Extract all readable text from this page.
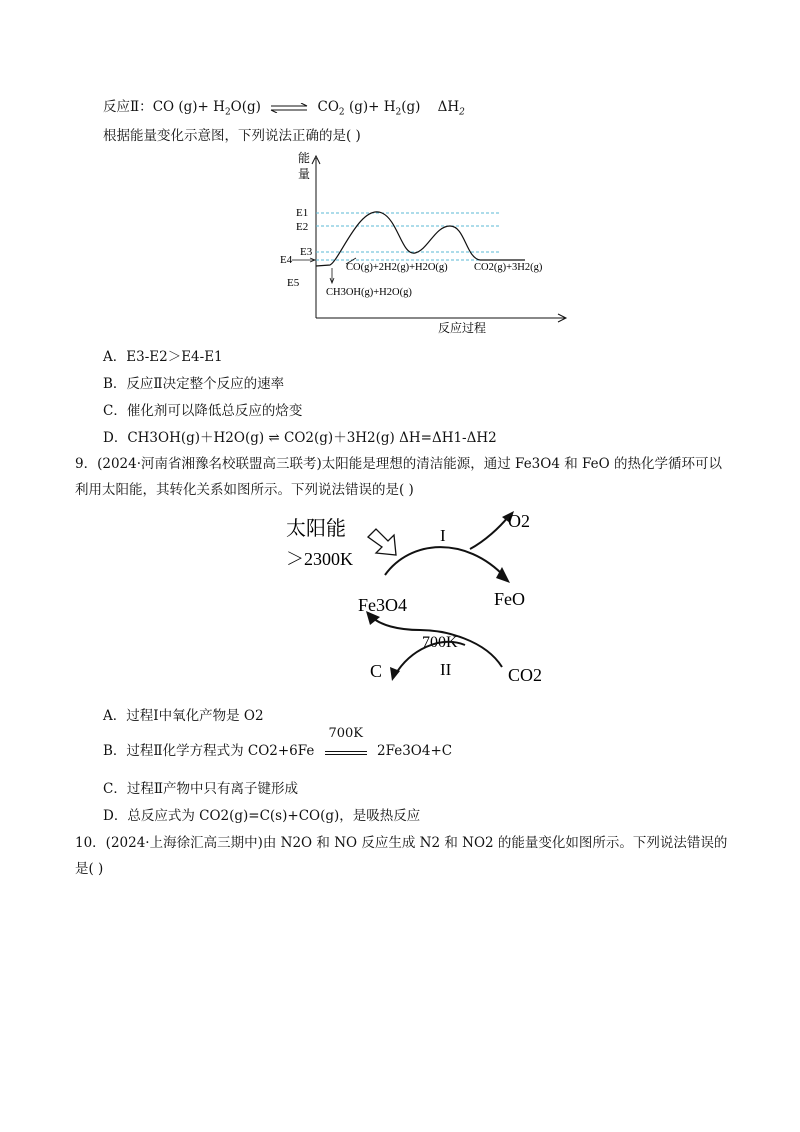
反应Ⅱ：CO $(g)+ H_2O(g)$ ⇌ $CO_2$ $(g)+ H_2(g)$ $\Delta H_2$
根据能量变化示意图，下列说法正确的是( )
能
量
反应过程
E1
E2
E3
E4
E5
CO(g)+2H2(g)+H2O(g)	CO2(g)+3H2(g)
CH3OH(g)+H2O(g)
A．E3-E2＞E4-E1
B．反应Ⅱ决定整个反应的速率
C．催化剂可以降低总反应的焓变
D．CH3OH(g)＋H2O(g) ⇌ CO2(g)＋3H2(g) ΔH=ΔH1-ΔH2
9．(2024·河南省湘豫名校联盟高三联考)太阳能是理想的清洁能源，通过 Fe3O4 和 FeO 的热化学循环可以利用太阳能，其转化关系如图所示。下列说法错误的是( )
太阳能
＞2300K
I
O2
Fe3O4	FeO
700K
II
C	CO2
A．过程Ⅰ中氧化产物是 O2
B．过程Ⅱ化学方程式为 CO2+6Fe
700K
2Fe3O4+C
C．过程Ⅱ产物中只有离子键形成
D．总反应式为 CO2(g)=C(s)+CO(g)，是吸热反应
10．(2024·上海徐汇高三期中)由 N2O 和 NO 反应生成 N2 和 NO2 的能量变化如图所示。下列说法错误的是( )
